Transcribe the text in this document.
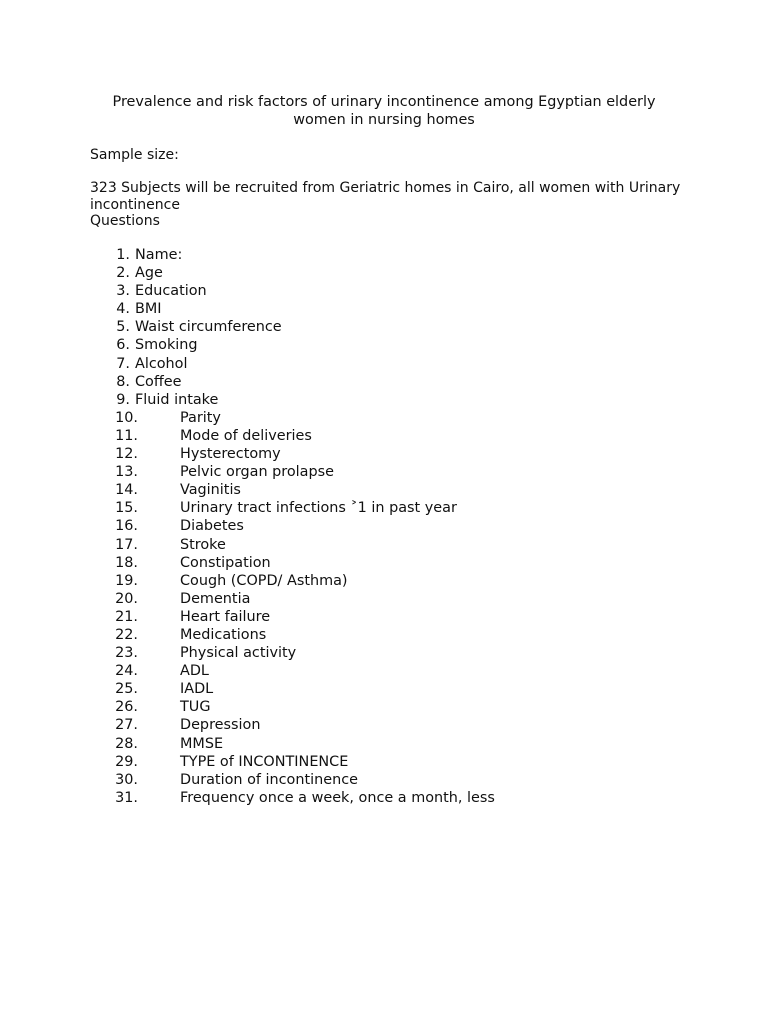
Prevalence and risk factors of urinary incontinence among Egyptian elderly women in nursing homes
Sample size:
323 Subjects will be recruited from Geriatric homes in Cairo, all women with Urinary incontinence
Questions
1. Name:
2. Age
3. Education
4. BMI
5. Waist circumference
6. Smoking
7. Alcohol
8. Coffee
9. Fluid intake
10.	Parity
11.	Mode of deliveries
12.	Hysterectomy
13.	Pelvic organ prolapse
14.	Vaginitis
15.	Urinary tract infections ˃1 in past year
16.	Diabetes
17.	Stroke
18.	Constipation
19.	Cough (COPD/ Asthma)
20.	Dementia
21.	Heart failure
22.	Medications
23.	Physical activity
24.	ADL
25.	IADL
26.	TUG
27.	Depression
28.	MMSE
29.	TYPE of INCONTINENCE
30.	Duration of incontinence
31.	Frequency once a week, once a month, less
